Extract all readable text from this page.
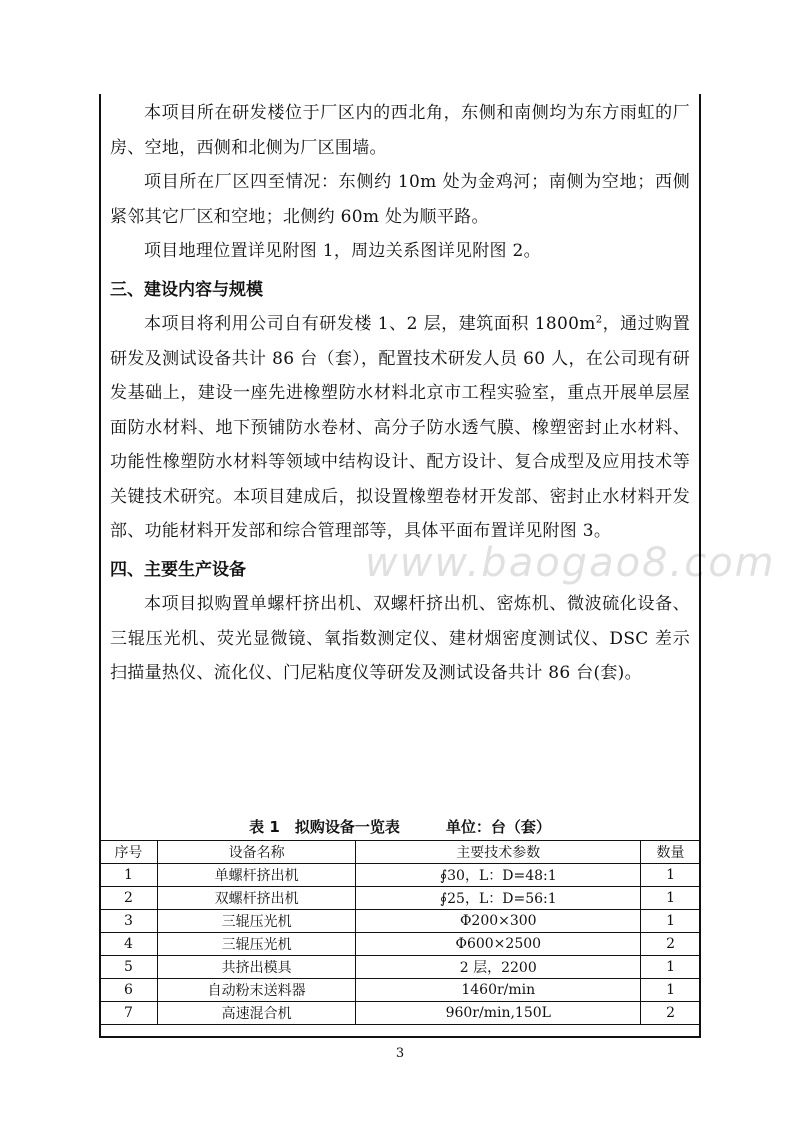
本项目所在研发楼位于厂区内的西北角，东侧和南侧均为东方雨虹的厂房、空地，西侧和北侧为厂区围墙。

项目所在厂区四至情况：东侧约 10m 处为金鸡河；南侧为空地；西侧紧邻其它厂区和空地；北侧约 60m 处为顺平路。

项目地理位置详见附图 1，周边关系图详见附图 2。

三、建设内容与规模

本项目将利用公司自有研发楼 1、2 层，建筑面积 $1800m^2$，通过购置研发及测试设备共计 86 台（套），配置技术研发人员 60 人，在公司现有研发基础上，建设一座先进橡塑防水材料北京市工程实验室，重点开展单层屋面防水材料、地下预铺防水卷材、高分子防水透气膜、橡塑密封止水材料、功能性橡塑防水材料等领域中结构设计、配方设计、复合成型及应用技术等关键技术研究。本项目建成后，拟设置橡塑卷材开发部、密封止水材料开发部、功能材料开发部和综合管理部等，具体平面布置详见附图 3。

四、主要生产设备

本项目拟购置单螺杆挤出机、双螺杆挤出机、密炼机、微波硫化设备、三辊压光机、荧光显微镜、氧指数测定仪、建材烟密度测试仪、DSC 差示扫描量热仪、流化仪、门尼粘度仪等研发及测试设备共计 86 台(套)。

www.baogao8.com
表 1　拟购设备一览表	单位：台（套）
序号	设备名称	主要技术参数	数量
1	单螺杆挤出机	∮30，L：D=48:1	1
2	双螺杆挤出机	∮25，L：D=56:1	1
3	三辊压光机	Φ200×300	1
4	三辊压光机	Φ600×2500	2
5	共挤出模具	2 层，2200	1
6	自动粉末送料器	1460r/min	1
7	高速混合机	960r/min,150L	2
3
